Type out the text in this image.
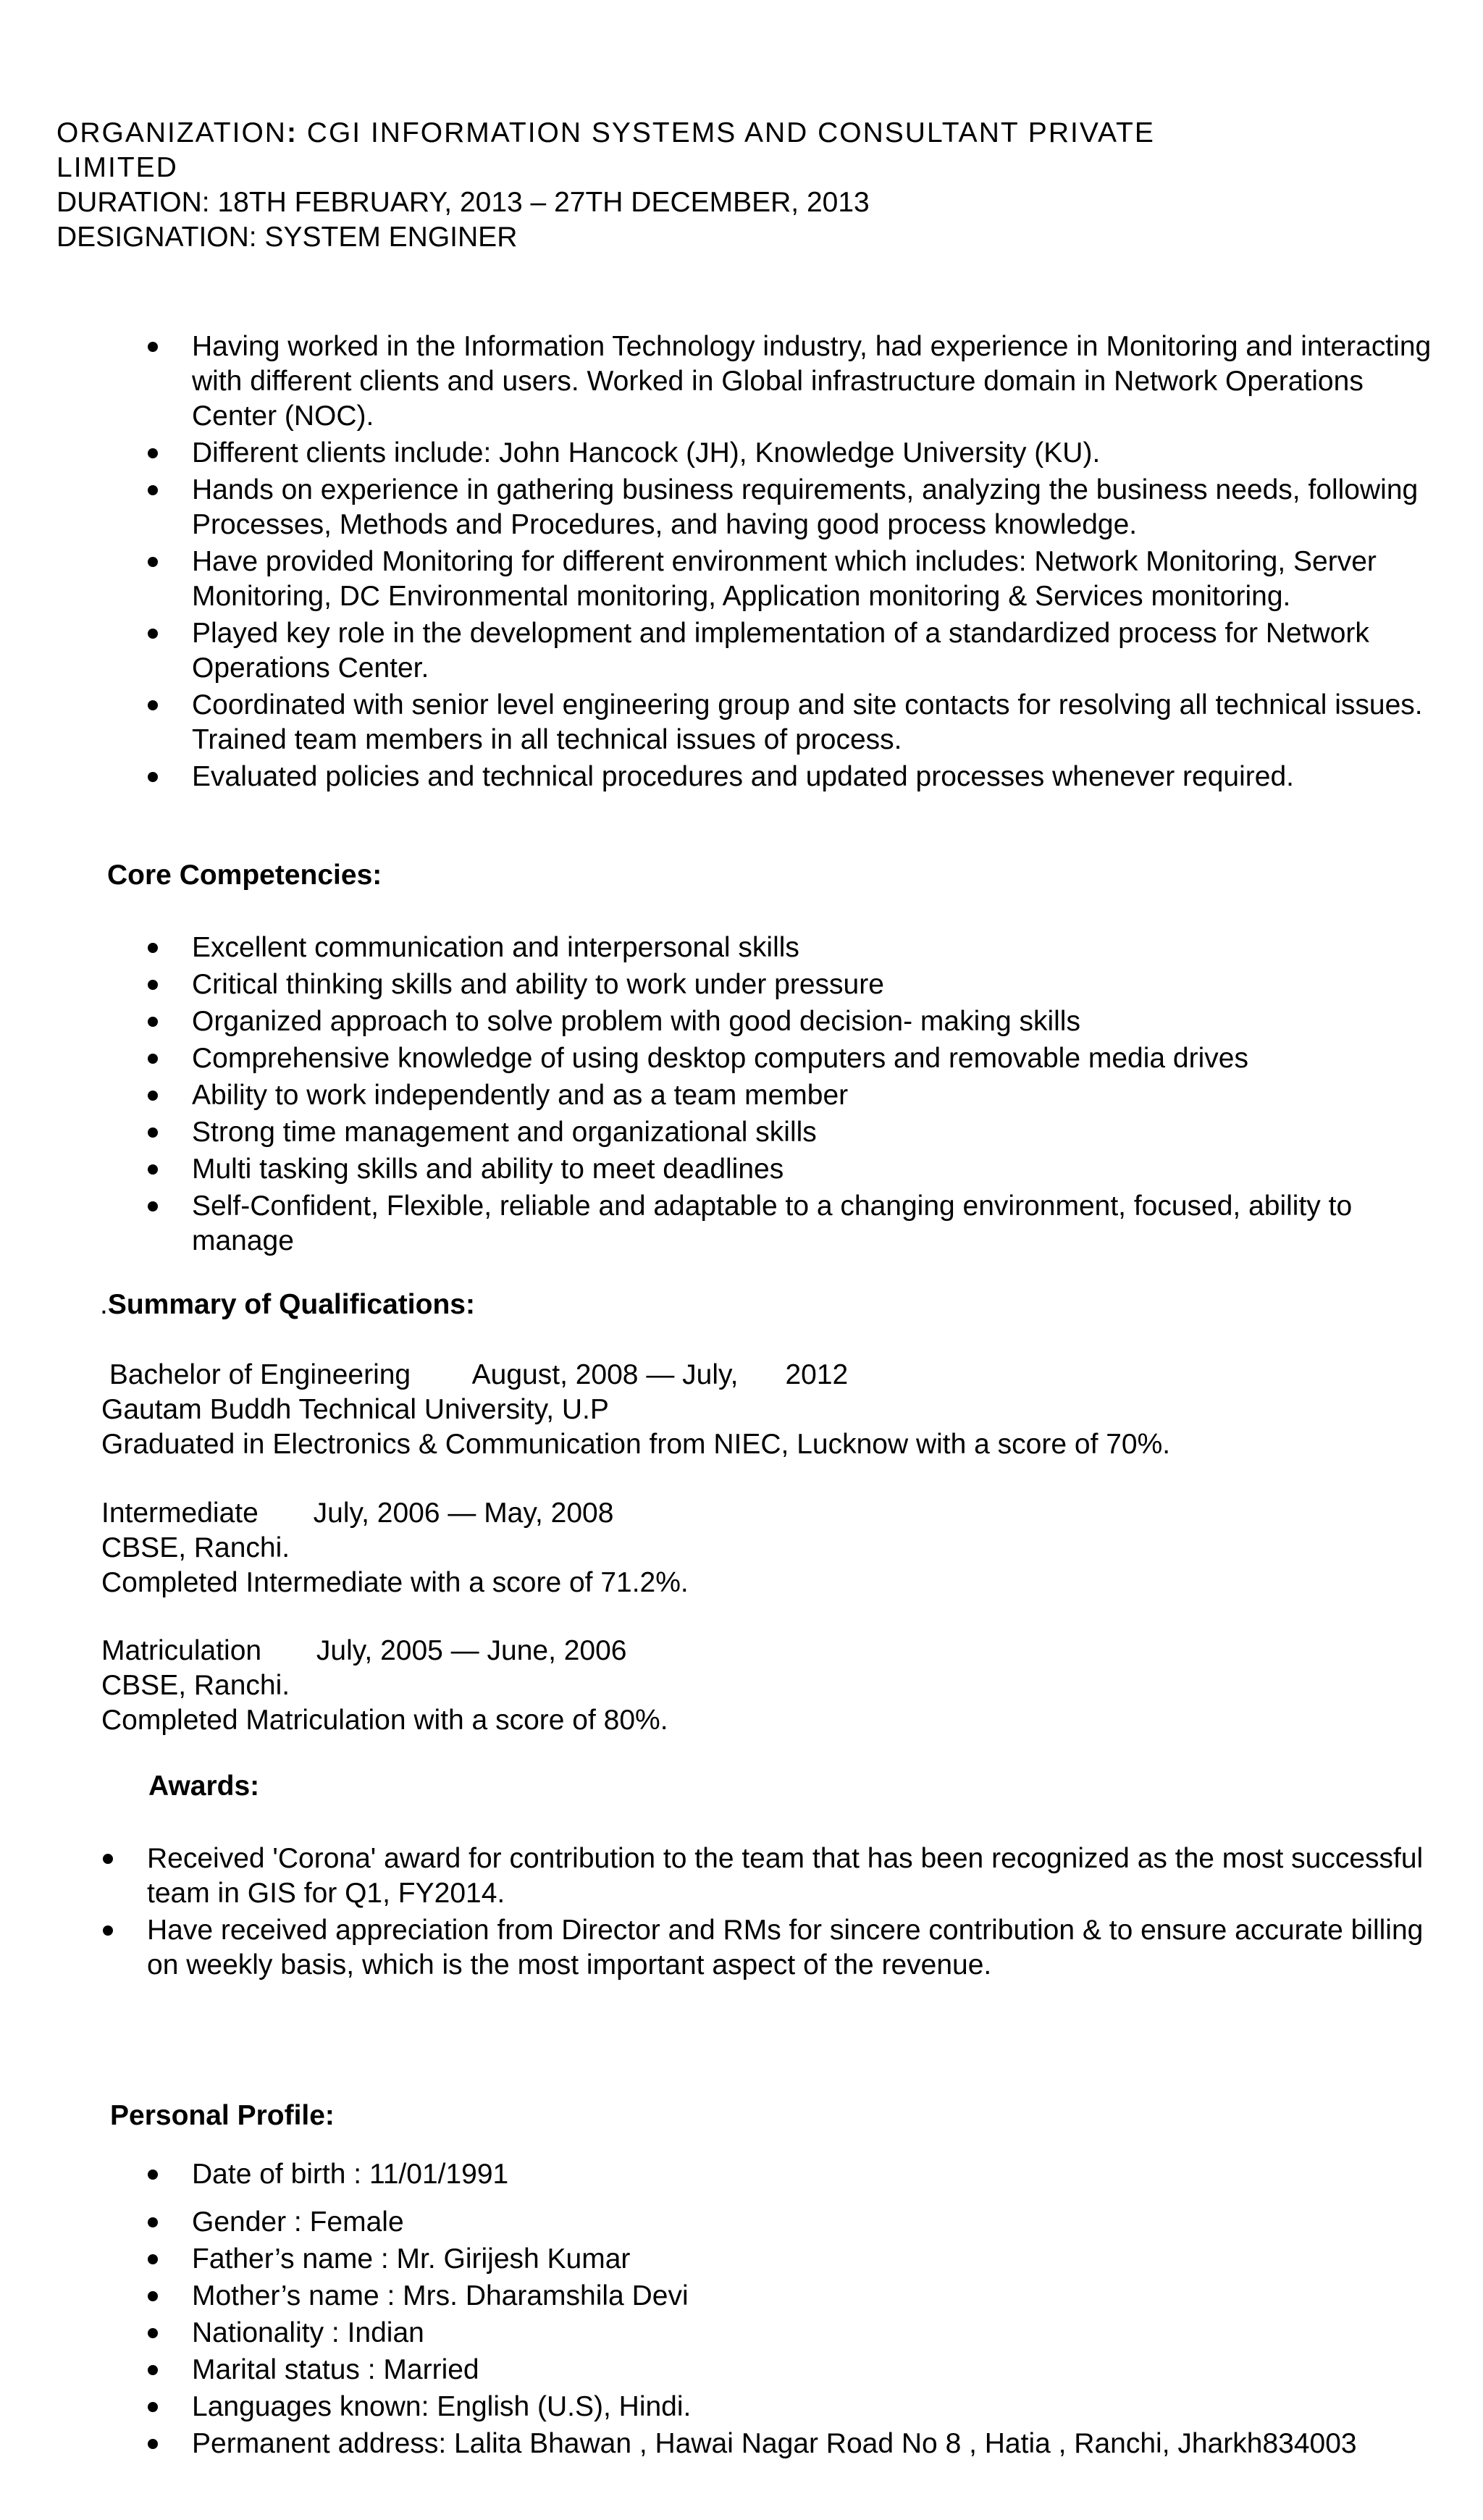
ORGANIZATION: CGI INFORMATION SYSTEMS AND CONSULTANT PRIVATE
LIMITED
DURATION: 18TH FEBRUARY, 2013 – 27TH DECEMBER, 2013
DESIGNATION: SYSTEM ENGINER
Having worked in the Information Technology industry, had experience in Monitoring and interacting with different clients and users. Worked in Global infrastructure domain in Network Operations Center (NOC).
Different clients include: John Hancock (JH), Knowledge University (KU).
Hands on experience in gathering business requirements, analyzing the business needs, following Processes, Methods and Procedures, and having good process knowledge.
Have provided Monitoring for different environment which includes: Network Monitoring, Server Monitoring, DC Environmental monitoring, Application monitoring & Services monitoring.
Played key role in the development and implementation of a standardized process for Network Operations Center.
Coordinated with senior level engineering group and site contacts for resolving all technical issues. Trained team members in all technical issues of process.
Evaluated policies and technical procedures and updated processes whenever required.
Core Competencies:
Excellent communication and interpersonal skills
Critical thinking skills and ability to work under pressure
Organized approach to solve problem with good decision- making skills
Comprehensive knowledge of using desktop computers and removable media drives
Ability to work independently and as a team member
Strong time management and organizational skills
Multi tasking skills and ability to meet deadlines
Self-Confident, Flexible, reliable and adaptable to a changing environment, focused, ability to manage
.Summary of Qualifications:
Bachelor of Engineering        August, 2008 — July,      2012
Gautam Buddh Technical University, U.P
Graduated in Electronics & Communication from NIEC, Lucknow with a score of 70%.
Intermediate       July, 2006 — May, 2008
CBSE, Ranchi.
Completed Intermediate with a score of 71.2%.
Matriculation       July, 2005 — June, 2006
CBSE, Ranchi.
Completed Matriculation with a score of 80%.
Awards:
Received 'Corona' award for contribution to the team that has been recognized as the most successful team in GIS for Q1, FY2014.
Have received appreciation from Director and RMs for sincere contribution & to ensure accurate billing on weekly basis, which is the most important aspect of the revenue.
Personal Profile:
Date of birth : 11/01/1991
Gender : Female
Father’s name : Mr. Girijesh Kumar
Mother’s name : Mrs. Dharamshila Devi
Nationality : Indian
Marital status : Married
Languages known: English (U.S), Hindi.
Permanent address: Lalita Bhawan , Hawai Nagar Road No 8 , Hatia , Ranchi, Jharkh834003
